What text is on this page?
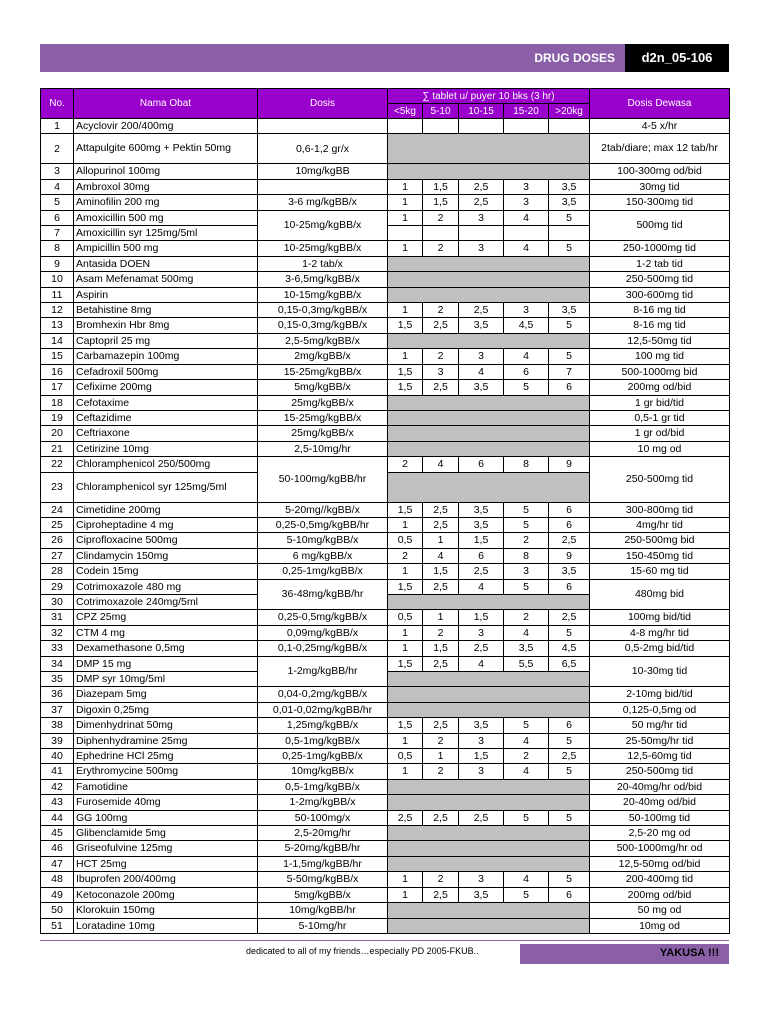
DRUG DOSES	d2n_05-106
No.	Nama Obat	Dosis	∑ tablet u/ puyer 10 bks (3 hr)					Dosis Dewasa
			<5kg	5-10	10-15	15-20	>20kg	
1	Acyclovir 200/400mg							4-5 x/hr
2	Attapulgite 600mg + Pektin 50mg	0,6-1,2 gr/x						2tab/diare; max 12 tab/hr
3	Allopurinol 100mg	10mg/kgBB						100-300mg od/bid
4	Ambroxol 30mg		1	1,5	2,5	3	3,5	30mg tid
5	Aminofilin 200 mg	3-6 mg/kgBB/x	1	1,5	2,5	3	3,5	150-300mg tid
6	Amoxicillin 500 mg	10-25mg/kgBB/x	1	2	3	4	5	500mg tid
7	Amoxicillin syr 125mg/5ml							
8	Ampicillin 500 mg	10-25mg/kgBB/x	1	2	3	4	5	250-1000mg tid
9	Antasida DOEN	1-2 tab/x						1-2 tab tid
10	Asam Mefenamat 500mg	3-6,5mg/kgBB/x						250-500mg tid
11	Aspirin	10-15mg/kgBB/x						300-600mg tid
12	Betahistine 8mg	0,15-0,3mg/kgBB/x	1	2	2,5	3	3,5	8-16 mg tid
13	Bromhexin Hbr 8mg	0,15-0,3mg/kgBB/x	1,5	2,5	3,5	4,5	5	8-16 mg tid
14	Captopril 25 mg	2,5-5mg/kgBB/x						12,5-50mg tid
15	Carbamazepin 100mg	2mg/kgBB/x	1	2	3	4	5	100 mg tid
16	Cefadroxil 500mg	15-25mg/kgBB/x	1,5	3	4	6	7	500-1000mg bid
17	Cefixime 200mg	5mg/kgBB/x	1,5	2,5	3,5	5	6	200mg od/bid
18	Cefotaxime	25mg/kgBB/x						1 gr bid/tid
19	Ceftazidime	15-25mg/kgBB/x						0,5-1 gr tid
20	Ceftriaxone	25mg/kgBB/x						1 gr od/bid
21	Cetirizine 10mg	2,5-10mg/hr						10 mg od
22	Chloramphenicol 250/500mg	50-100mg/kgBB/hr	2	4	6	8	9	250-500mg tid
23	Chloramphenicol syr 125mg/5ml							
24	Cimetidine 200mg	5-20mg//kgBB/x	1,5	2,5	3,5	5	6	300-800mg tid
25	Ciproheptadine 4 mg	0,25-0,5mg/kgBB/hr	1	2,5	3,5	5	6	4mg/hr tid
26	Ciprofloxacine 500mg	5-10mg/kgBB/x	0,5	1	1,5	2	2,5	250-500mg bid
27	Clindamycin 150mg	6 mg/kgBB/x	2	4	6	8	9	150-450mg tid
28	Codein 15mg	0,25-1mg/kgBB/x	1	1,5	2,5	3	3,5	15-60 mg tid
29	Cotrimoxazole 480 mg	36-48mg/kgBB/hr	1,5	2,5	4	5	6	480mg bid
30	Cotrimoxazole 240mg/5ml							
31	CPZ 25mg	0,25-0,5mg/kgBB/x	0,5	1	1,5	2	2,5	100mg bid/tid
32	CTM 4 mg	0,09mg/kgBB/x	1	2	3	4	5	4-8 mg/hr tid
33	Dexamethasone 0,5mg	0,1-0,25mg/kgBB/x	1	1,5	2,5	3,5	4,5	0,5-2mg bid/tid
34	DMP 15 mg	1-2mg/kgBB/hr	1,5	2,5	4	5,5	6,5	10-30mg tid
35	DMP syr 10mg/5ml							
36	Diazepam 5mg	0,04-0,2mg/kgBB/x						2-10mg bid/tid
37	Digoxin 0,25mg	0,01-0,02mg/kgBB/hr						0,125-0,5mg od
38	Dimenhydrinat 50mg	1,25mg/kgBB/x	1,5	2,5	3,5	5	6	50 mg/hr tid
39	Diphenhydramine 25mg	0,5-1mg/kgBB/x	1	2	3	4	5	25-50mg/hr tid
40	Ephedrine HCl 25mg	0,25-1mg/kgBB/x	0,5	1	1,5	2	2,5	12,5-60mg tid
41	Erythromycine 500mg	10mg/kgBB/x	1	2	3	4	5	250-500mg tid
42	Famotidine	0,5-1mg/kgBB/x						20-40mg/hr od/bid
43	Furosemide 40mg	1-2mg/kgBB/x						20-40mg od/bid
44	GG 100mg	50-100mg/x	2,5	2,5	2,5	5	5	50-100mg tid
45	Glibenclamide 5mg	2,5-20mg/hr						2,5-20 mg od
46	Griseofulvine 125mg	5-20mg/kgBB/hr						500-1000mg/hr od
47	HCT 25mg	1-1,5mg/kgBB/hr						12,5-50mg od/bid
48	Ibuprofen 200/400mg	5-50mg/kgBB/x	1	2	3	4	5	200-400mg tid
49	Ketoconazole 200mg	5mg/kgBB/x	1	2,5	3,5	5	6	200mg od/bid
50	Klorokuin 150mg	10mg/kgBB/hr						50 mg od
51	Loratadine 10mg	5-10mg/hr						10mg od
dedicated to all of my friends…especially PD 2005-FKUB..	YAKUSA !!!
